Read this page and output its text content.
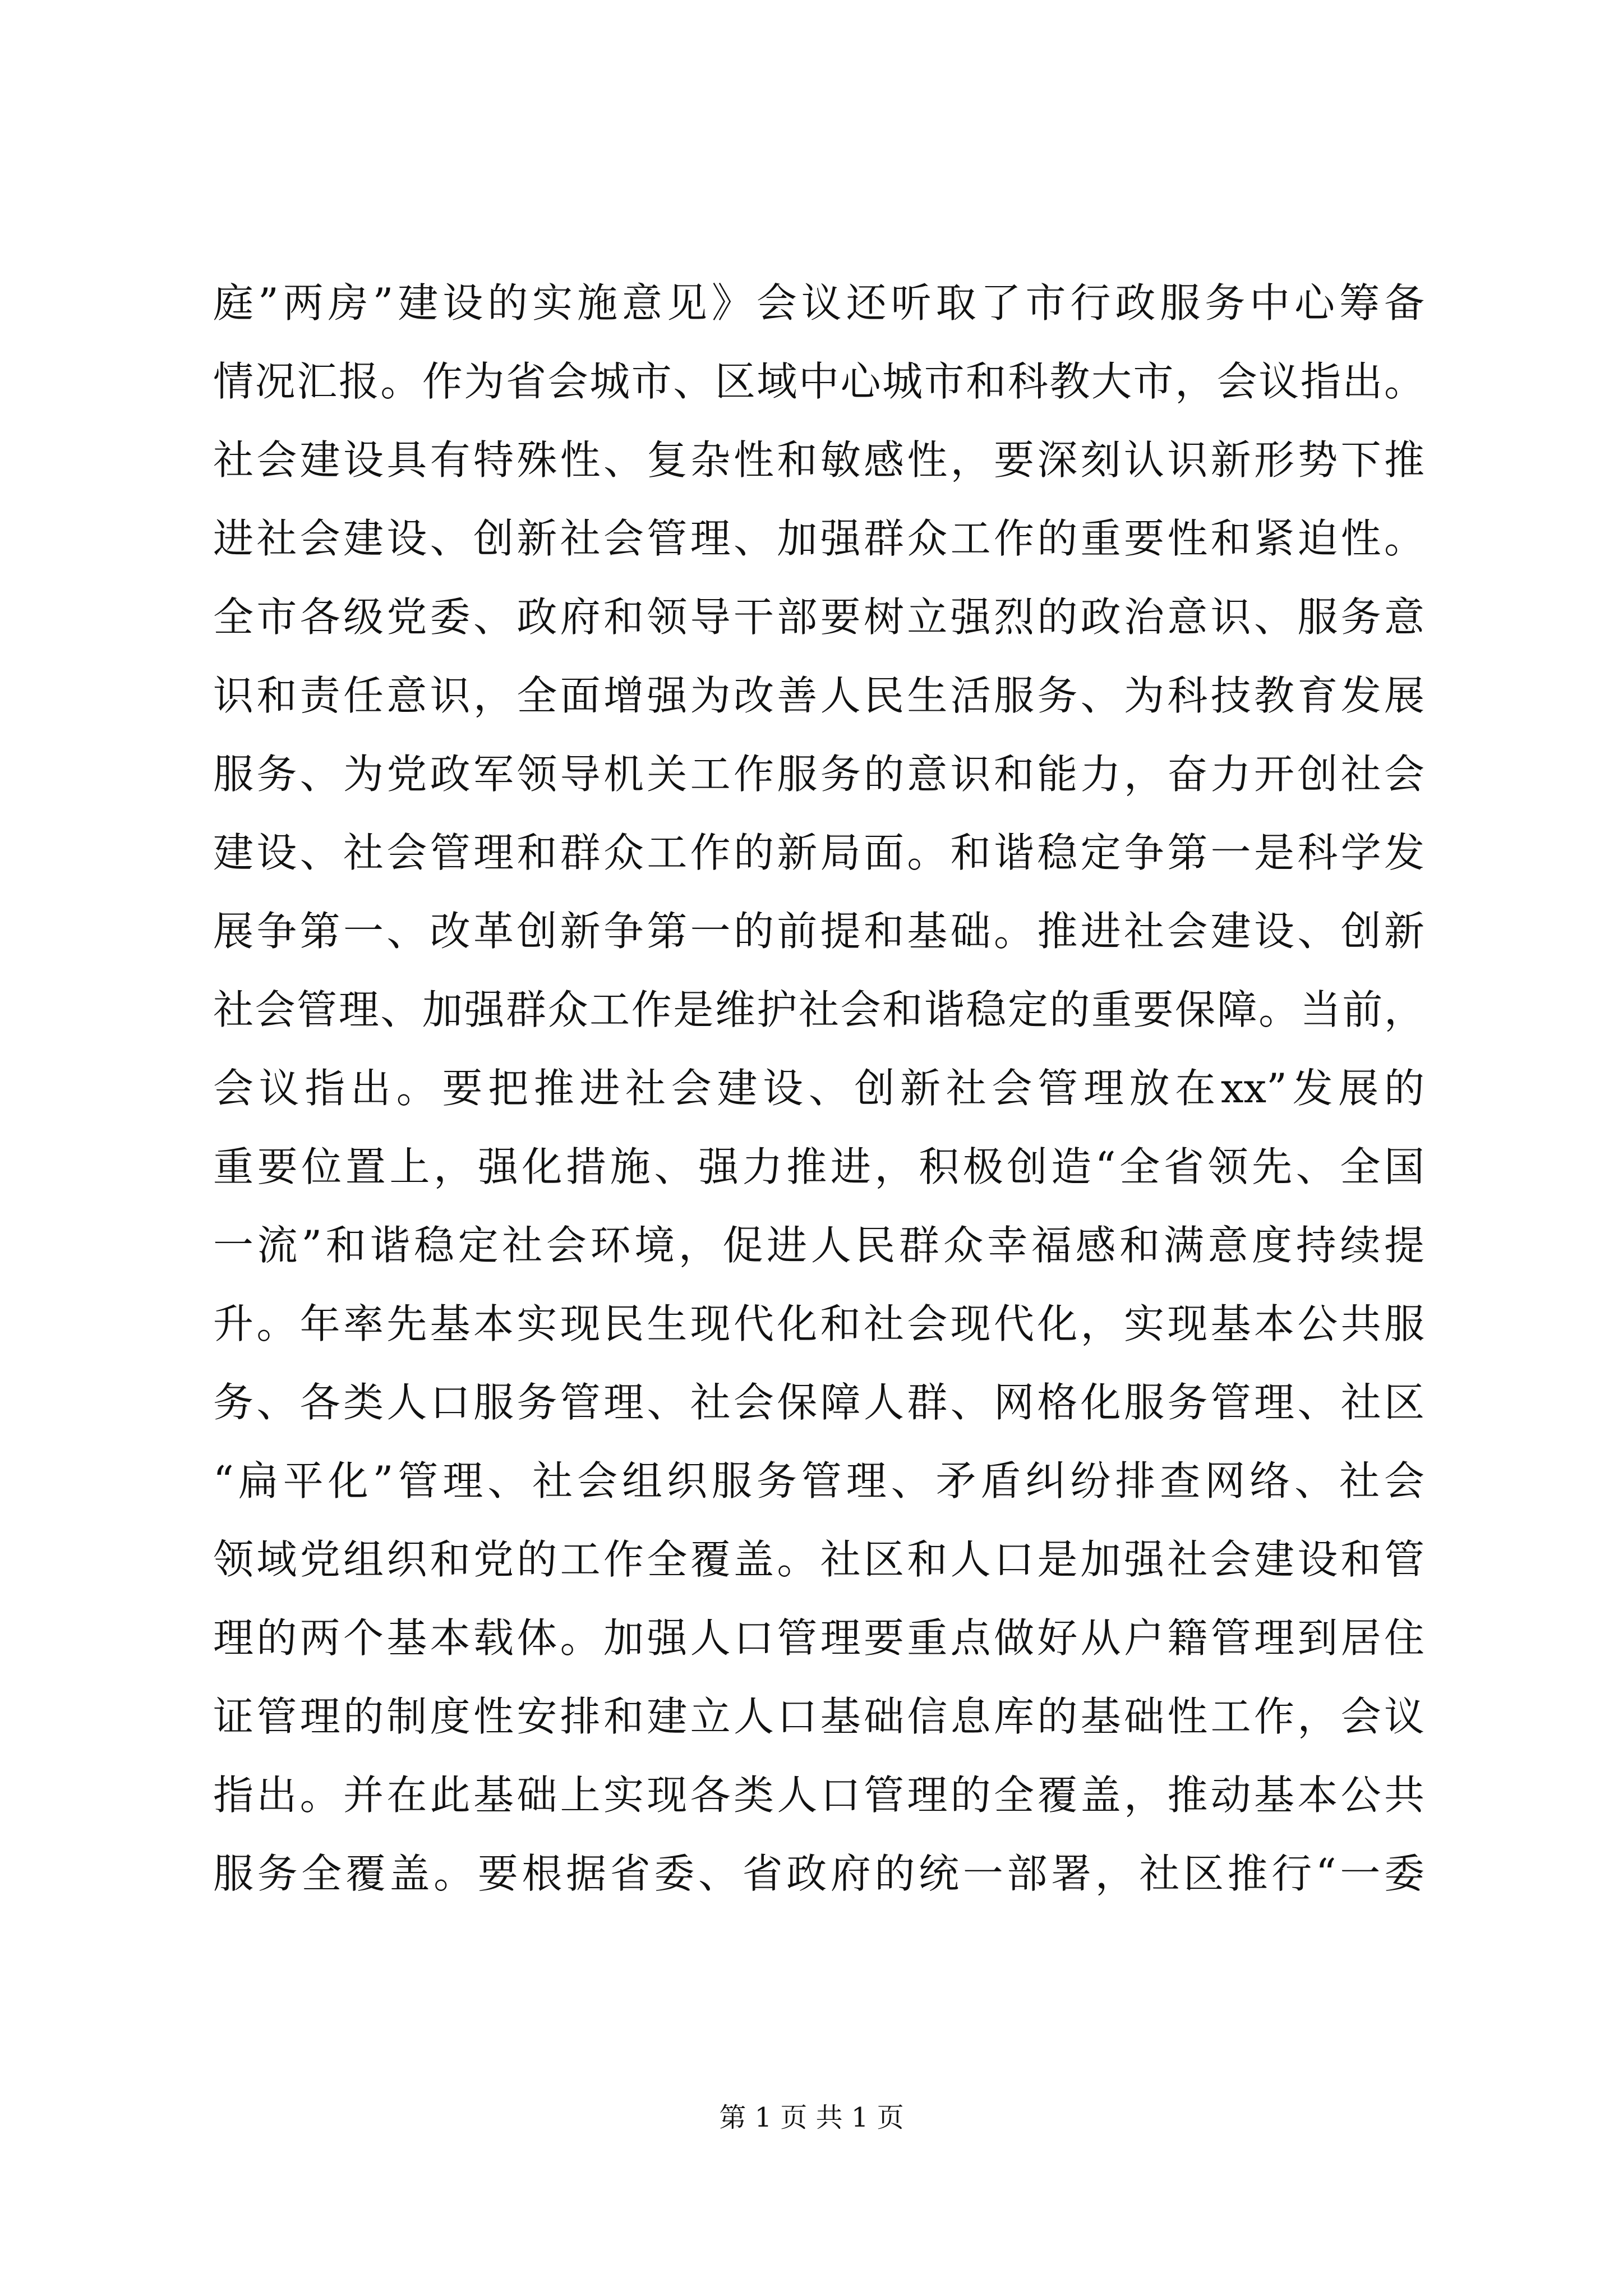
庭”两房”建设的实施意见》会议还听取了市行政服务中心筹备
情况汇报。作为省会城市、区域中心城市和科教大市，会议指出。
社会建设具有特殊性、复杂性和敏感性，要深刻认识新形势下推
进社会建设、创新社会管理、加强群众工作的重要性和紧迫性。
全市各级党委、政府和领导干部要树立强烈的政治意识、服务意
识和责任意识，全面增强为改善人民生活服务、为科技教育发展
服务、为党政军领导机关工作服务的意识和能力，奋力开创社会
建设、社会管理和群众工作的新局面。和谐稳定争第一是科学发
展争第一、改革创新争第一的前提和基础。推进社会建设、创新
社会管理、加强群众工作是维护社会和谐稳定的重要保障。当前，
会议指出。要把推进社会建设、创新社会管理放在xx”发展的
重要位置上，强化措施、强力推进，积极创造“全省领先、全国
一流”和谐稳定社会环境，促进人民群众幸福感和满意度持续提
升。年率先基本实现民生现代化和社会现代化，实现基本公共服
务、各类人口服务管理、社会保障人群、网格化服务管理、社区
“扁平化”管理、社会组织服务管理、矛盾纠纷排查网络、社会
领域党组织和党的工作全覆盖。社区和人口是加强社会建设和管
理的两个基本载体。加强人口管理要重点做好从户籍管理到居住
证管理的制度性安排和建立人口基础信息库的基础性工作，会议
指出。并在此基础上实现各类人口管理的全覆盖，推动基本公共
服务全覆盖。要根据省委、省政府的统一部署，社区推行“一委
第 1 页 共 1 页
